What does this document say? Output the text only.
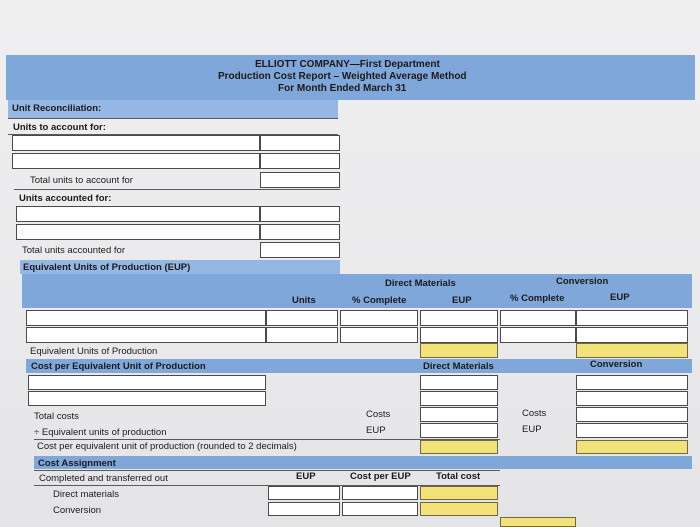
ELLIOTT COMPANY—First Department
Production Cost Report – Weighted Average Method
For Month Ended March 31
Unit Reconciliation:
Units to account for:
Total units to account for
Units accounted for:
Total units accounted for
Equivalent Units of Production (EUP)
Direct Materials	Conversion
Units	% Complete	EUP	% Complete	EUP
Equivalent Units of Production
Cost per Equivalent Unit of Production	Direct Materials	Conversion
Total costs	Costs	Costs
÷ Equivalent units of production	EUP	EUP
Cost per equivalent unit of production (rounded to 2 decimals)
Cost Assignment
Completed and transferred out	EUP	Cost per EUP	Total cost
Direct materials
Conversion
